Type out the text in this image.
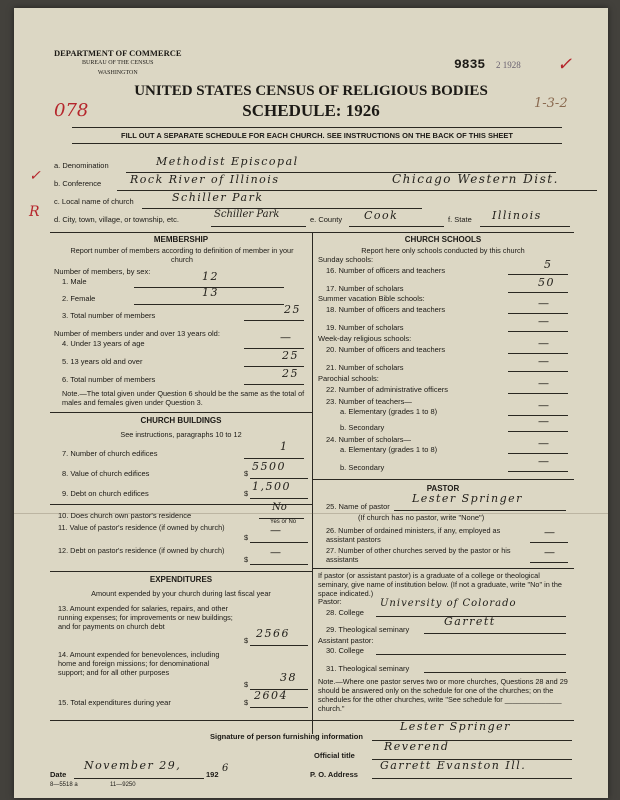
DEPARTMENT OF COMMERCE
BUREAU OF THE CENSUS
WASHINGTON
9835 2 1928 ✓
UNITED STATES CENSUS OF RELIGIOUS BODIES
SCHEDULE: 1926
078	1-3-2
FILL OUT A SEPARATE SCHEDULE FOR EACH CHURCH. SEE INSTRUCTIONS ON THE BACK OF THIS SHEET
✓
R
a. Denomination	Methodist Episcopal
b. Conference	Rock River of Illinois	Chicago Western Dist.
c. Local name of church	Schiller Park
d. City, town, village, or township, etc.	Schiller Park	e. County Cook	f. State Illinois
MEMBERSHIP
Report number of members according to definition of member in your church
Number of members, by sex:
1. Male	12
2. Female	13
3. Total number of members	25
Number of members under and over 13 years old:
4. Under 13 years of age	—
5. 13 years old and over	25
6. Total number of members	25
Note.—The total given under Question 6 should be the same as the total of males and females given under Question 3.
CHURCH BUILDINGS
See instructions, paragraphs 10 to 12
7. Number of church edifices
1
8. Value of church edifices	$
5500
9. Debt on church edifices	$
1,500
10. Does church own pastor's residence
No
Yes or No
11. Value of pastor's residence (if owned by church)
$
—
12. Debt on pastor's residence (if owned by church)
$
—
EXPENDITURES
Amount expended by your church during last fiscal year
13. Amount expended for salaries, repairs, and other running expenses; for improvements or new buildings; and for payments on church debt
$
2566
14. Amount expended for benevolences, including home and foreign missions; for denominational support; and for all other purposes
$
38
15. Total expenditures during year	$
2604
CHURCH SCHOOLS
Report here only schools conducted by this church
Sunday schools:
16. Number of officers and teachers	5
17. Number of scholars	50
Summer vacation Bible schools:
18. Number of officers and teachers	—
19. Number of scholars	—
Week-day religious schools:
20. Number of officers and teachers	—
21. Number of scholars	—
Parochial schools:
22. Number of administrative officers	—
23. Number of teachers—
a. Elementary (grades 1 to 8)	—
b. Secondary	—
24. Number of scholars—
a. Elementary (grades 1 to 8)	—
b. Secondary	—
PASTOR
25. Name of pastor
Lester Springer
(If church has no pastor, write "None")
26. Number of ordained ministers, if any, employed as assistant pastors
—
27. Number of other churches served by the pastor or his assistants
—
If pastor (or assistant pastor) is a graduate of a college or theological seminary, give name of institution below. (If not a graduate, write "No" in the space indicated.)
Pastor:
28. College
University of Colorado
29. Theological seminary
Garrett
Assistant pastor:
30. College
31. Theological seminary
Note.—Where one pastor serves two or more churches, Questions 28 and 29 should be answered only on the schedule for one of the churches; on the schedules for the other churches, write "See schedule for ______________ church."
Signature of person furnishing information
Lester Springer
Official title
Reverend
Date
November 29,
192
6
8—5518 a	11—9250
P. O. Address
Garrett Evanston Ill.
